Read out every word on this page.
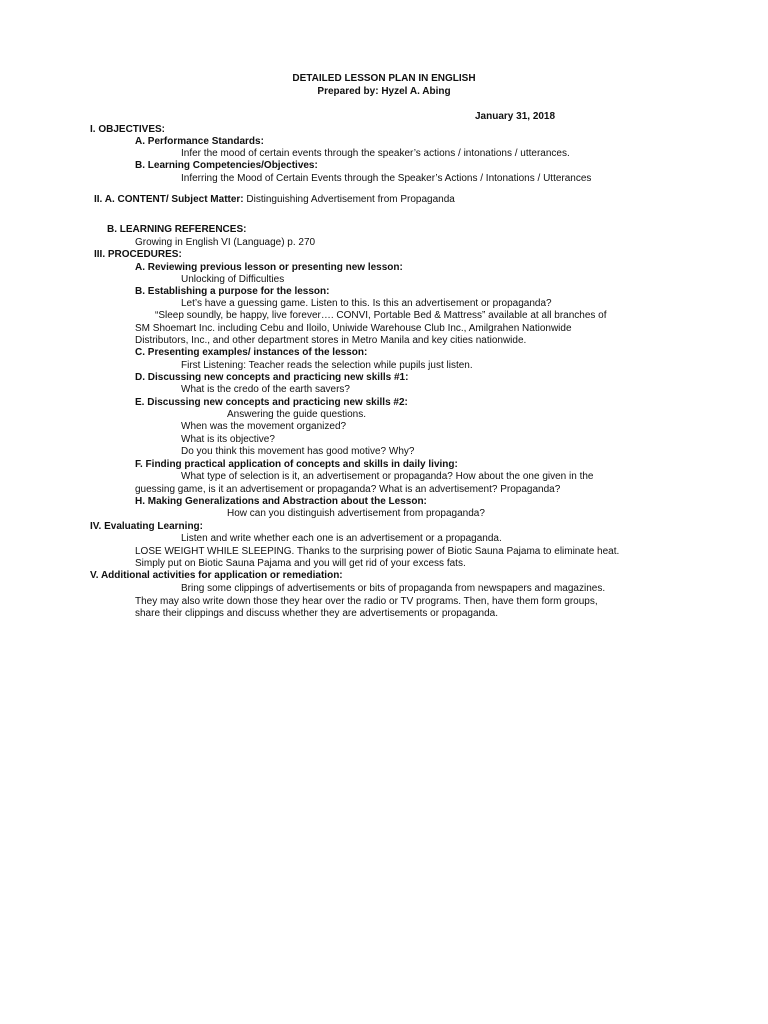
DETAILED LESSON PLAN IN ENGLISH
Prepared by: Hyzel A. Abing
January 31, 2018
I. OBJECTIVES:
A. Performance Standards:
Infer the mood of certain events through the speaker’s actions / intonations / utterances.
B. Learning Competencies/Objectives:
Inferring the Mood of Certain Events through the Speaker’s Actions / Intonations / Utterances
II. A. CONTENT/ Subject Matter: Distinguishing Advertisement from Propaganda
B. LEARNING REFERENCES:
Growing in English VI (Language) p. 270
III. PROCEDURES:
A. Reviewing previous lesson or presenting new lesson:
Unlocking of Difficulties
B. Establishing a purpose for the lesson:
Let’s have a guessing game. Listen to this. Is this an advertisement or propaganda?
“Sleep soundly, be happy, live forever…. CONVI, Portable Bed & Mattress” available at all branches of
SM Shoemart Inc. including Cebu and Iloilo, Uniwide Warehouse Club Inc., Amilgrahen Nationwide
Distributors, Inc., and other department stores in Metro Manila and key cities nationwide.
C. Presenting examples/ instances of the lesson:
First Listening: Teacher reads the selection while pupils just listen.
D. Discussing new concepts and practicing new skills #1:
What is the credo of the earth savers?
E. Discussing new concepts and practicing new skills #2:
Answering the guide questions.
When was the movement organized?
What is its objective?
Do you think this movement has good motive? Why?
F. Finding practical application of concepts and skills in daily living:
What type of selection is it, an advertisement or propaganda? How about the one given in the
guessing game, is it an advertisement or propaganda? What is an advertisement? Propaganda?
H. Making Generalizations and Abstraction about the Lesson:
How can you distinguish advertisement from propaganda?
IV. Evaluating Learning:
Listen and write whether each one is an advertisement or a propaganda.
LOSE WEIGHT WHILE SLEEPING. Thanks to the surprising power of Biotic Sauna Pajama to eliminate heat.
Simply put on Biotic Sauna Pajama and you will get rid of your excess fats.
V. Additional activities for application or remediation:
Bring some clippings of advertisements or bits of propaganda from newspapers and magazines.
They may also write down those they hear over the radio or TV programs. Then, have them form groups,
share their clippings and discuss whether they are advertisements or propaganda.
